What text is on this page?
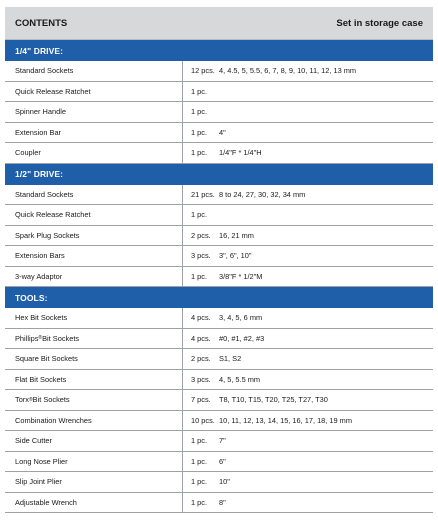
CONTENTS	Set in storage case
1/4" DRIVE:
Standard Sockets	12 pcs. 4, 4.5, 5, 5.5, 6, 7, 8, 9, 10, 11, 12, 13 mm
Quick Release Ratchet	1 pc.
Spinner Handle	1 pc.
Extension Bar	1 pc. 4"
Coupler	1 pc. 1/4"F * 1/4"H
1/2" DRIVE:
Standard Sockets	21 pcs. 8 to 24, 27, 30, 32, 34 mm
Quick Release Ratchet	1 pc.
Spark Plug Sockets	2 pcs. 16, 21 mm
Extension Bars	3 pcs. 3", 6", 10"
3-way Adaptor	1 pc. 3/8"F * 1/2"M
TOOLS:
Hex Bit Sockets	4 pcs. 3, 4, 5, 6 mm
Phillips ® Bit Sockets	4 pcs. #0, #1, #2, #3
Square Bit Sockets	2 pcs. S1, S2
Flat Bit Sockets	3 pcs. 4, 5, 5.5 mm
Torx ® Bit Sockets	7 pcs. T8, T10, T15, T20, T25, T27, T30
Combination Wrenches	10 pcs. 10, 11, 12, 13, 14, 15, 16, 17, 18, 19 mm
Side Cutter	1 pc. 7"
Long Nose Plier	1 pc. 6"
Slip Joint Plier	1 pc. 10"
Adjustable Wrench	1 pc. 8"
